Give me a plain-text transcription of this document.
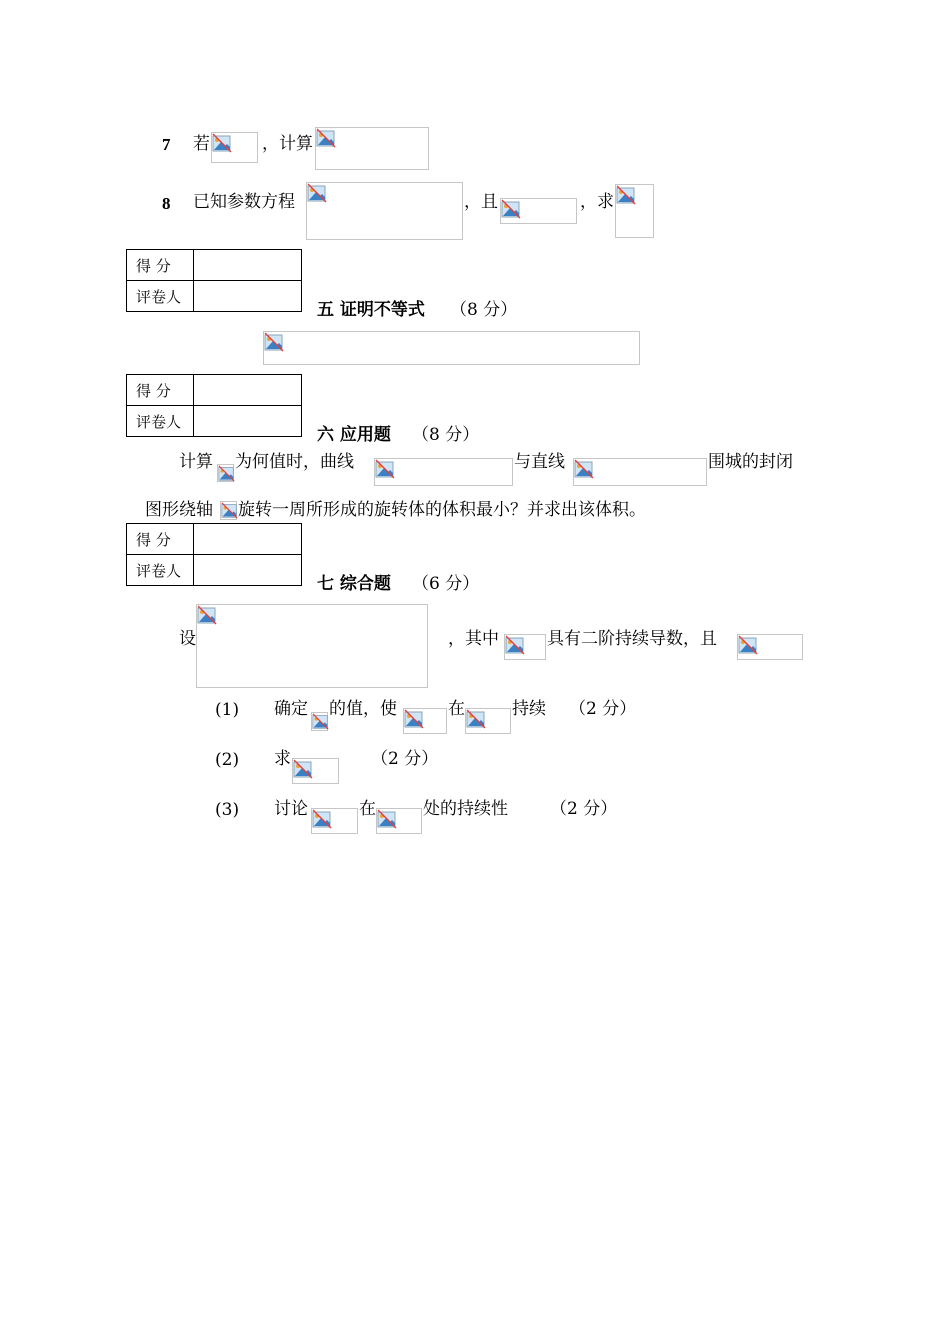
7 若	，计算
8 已知参数方程	，且	，求
得 分	
评卷人	
五 证明不等式 （8 分）
得 分	
评卷人	
六 应用题 （8 分）
计算 为何值时，曲线	与直线	围城的封闭
图形绕轴 旋转一周所形成的旋转体的体积最小？并求出该体积。
得 分	
评卷人	
七 综合题 （6 分）
设	，其中	具有二阶持续导数，且
(1) 确定 的值，使	在	持续 （2 分）
(2) 求	（2 分）
(3) 讨论	在	处的持续性 （2 分）
